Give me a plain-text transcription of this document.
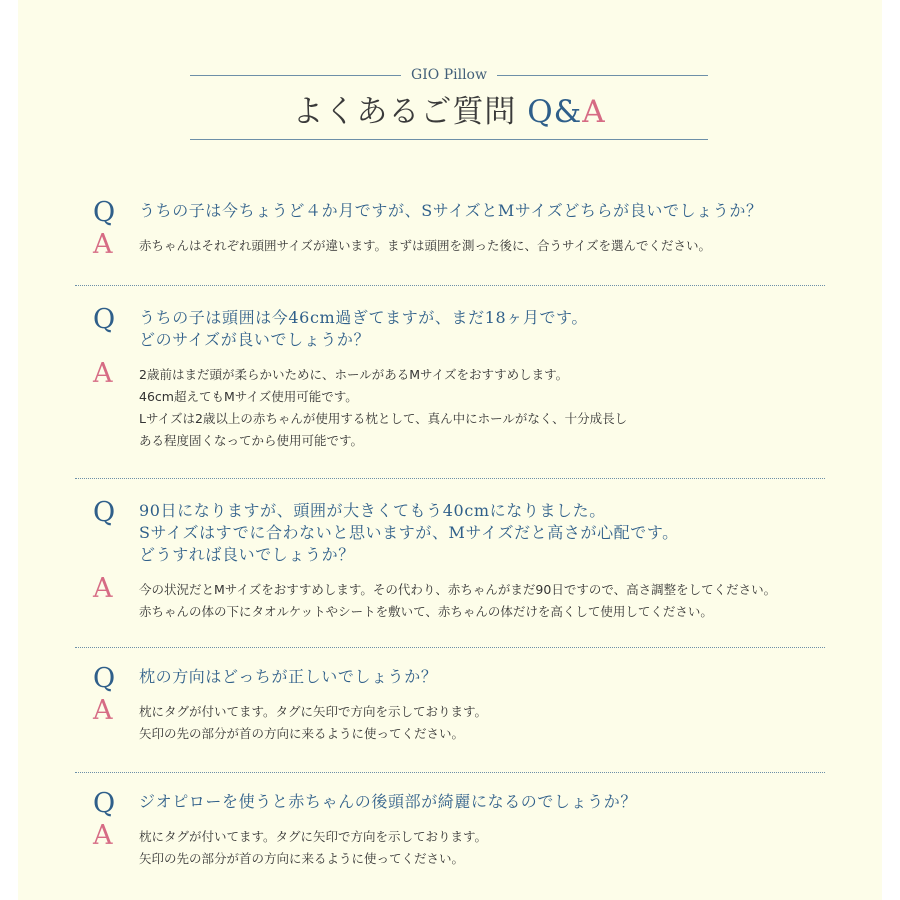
GIO Pillow
よくあるご質問 Q&A
Q うちの子は今ちょうど４か月ですが、SサイズとMサイズどちらが良いでしょうか？
A 赤ちゃんはそれぞれ頭囲サイズが違います。まずは頭囲を測った後に、合うサイズを選んでください。
Q うちの子は頭囲は今46cm過ぎてますが、まだ18ヶ月です。
どのサイズが良いでしょうか？
A 2歳前はまだ頭が柔らかいために、ホールがあるMサイズをおすすめします。
46cm超えてもMサイズ使用可能です。
Lサイズは2歳以上の赤ちゃんが使用する枕として、真ん中にホールがなく、十分成長し
ある程度固くなってから使用可能です。
Q 90日になりますが、頭囲が大きくてもう40cmになりました。
Sサイズはすでに合わないと思いますが、Mサイズだと高さが心配です。
どうすれば良いでしょうか？
A 今の状況だとMサイズをおすすめします。その代わり、赤ちゃんがまだ90日ですので、高さ調整をしてください。
赤ちゃんの体の下にタオルケットやシートを敷いて、赤ちゃんの体だけを高くして使用してください。
Q 枕の方向はどっちが正しいでしょうか？
A 枕にタグが付いてます。タグに矢印で方向を示しております。
矢印の先の部分が首の方向に来るように使ってください。
Q ジオピローを使うと赤ちゃんの後頭部が綺麗になるのでしょうか？
A 枕にタグが付いてます。タグに矢印で方向を示しております。
矢印の先の部分が首の方向に来るように使ってください。
